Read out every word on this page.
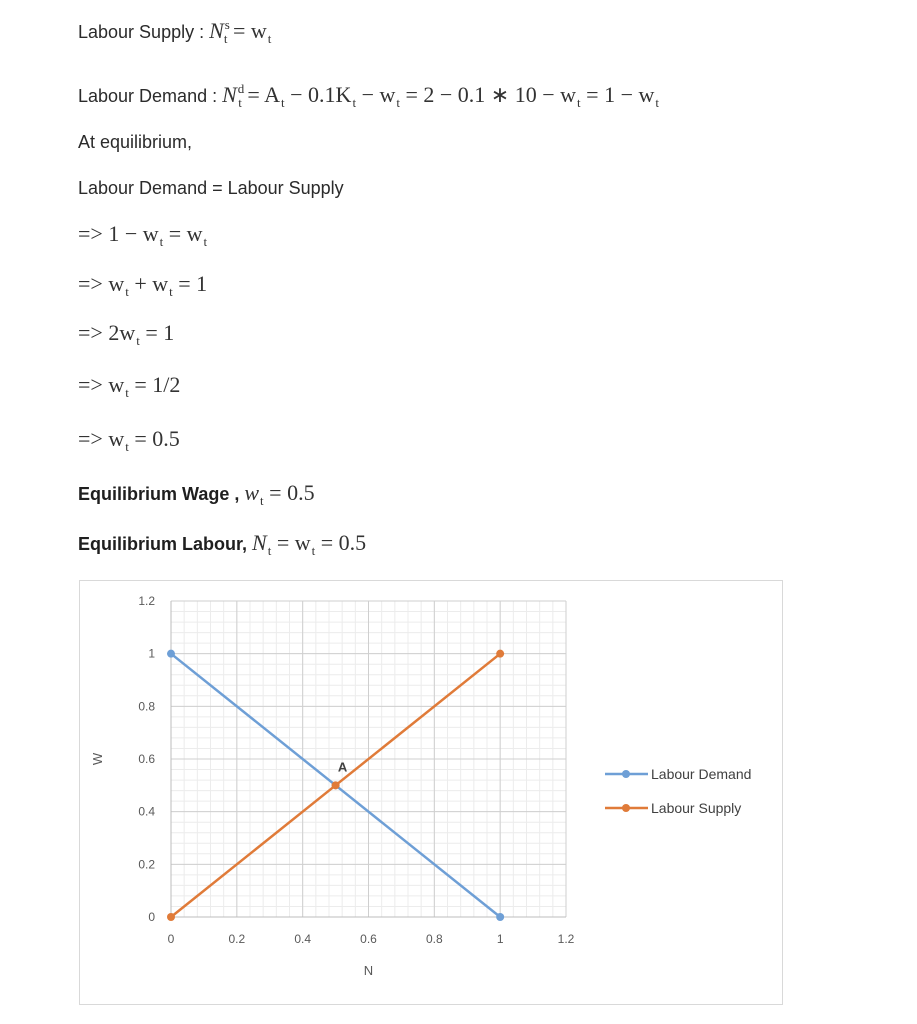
Labour Supply : $N^s_t = w_t$
Labour Demand : $N^d_t = A_t - 0.1K_t - w_t = 2 - 0.1$ ∗ $10 - w_t = 1 - w_t$
At equilibrium,
Labour Demand = Labour Supply
=> $1 - w_t = w_t$
=> $w_t + w_t = 1$
=> $2w_t = 1$
=> $w_t = 1/2$
=> $w_t = 0.5$
Equilibrium Wage , $w_t = 0.5$
Equilibrium Labour, $N_t = w_t = 0.5$
0	0.2	0.4	0.6	0.8	1	1.2
0
0.2
0.4
0.6
0.8
1
1.2
N
W
Labour Demand
Labour Supply
A
